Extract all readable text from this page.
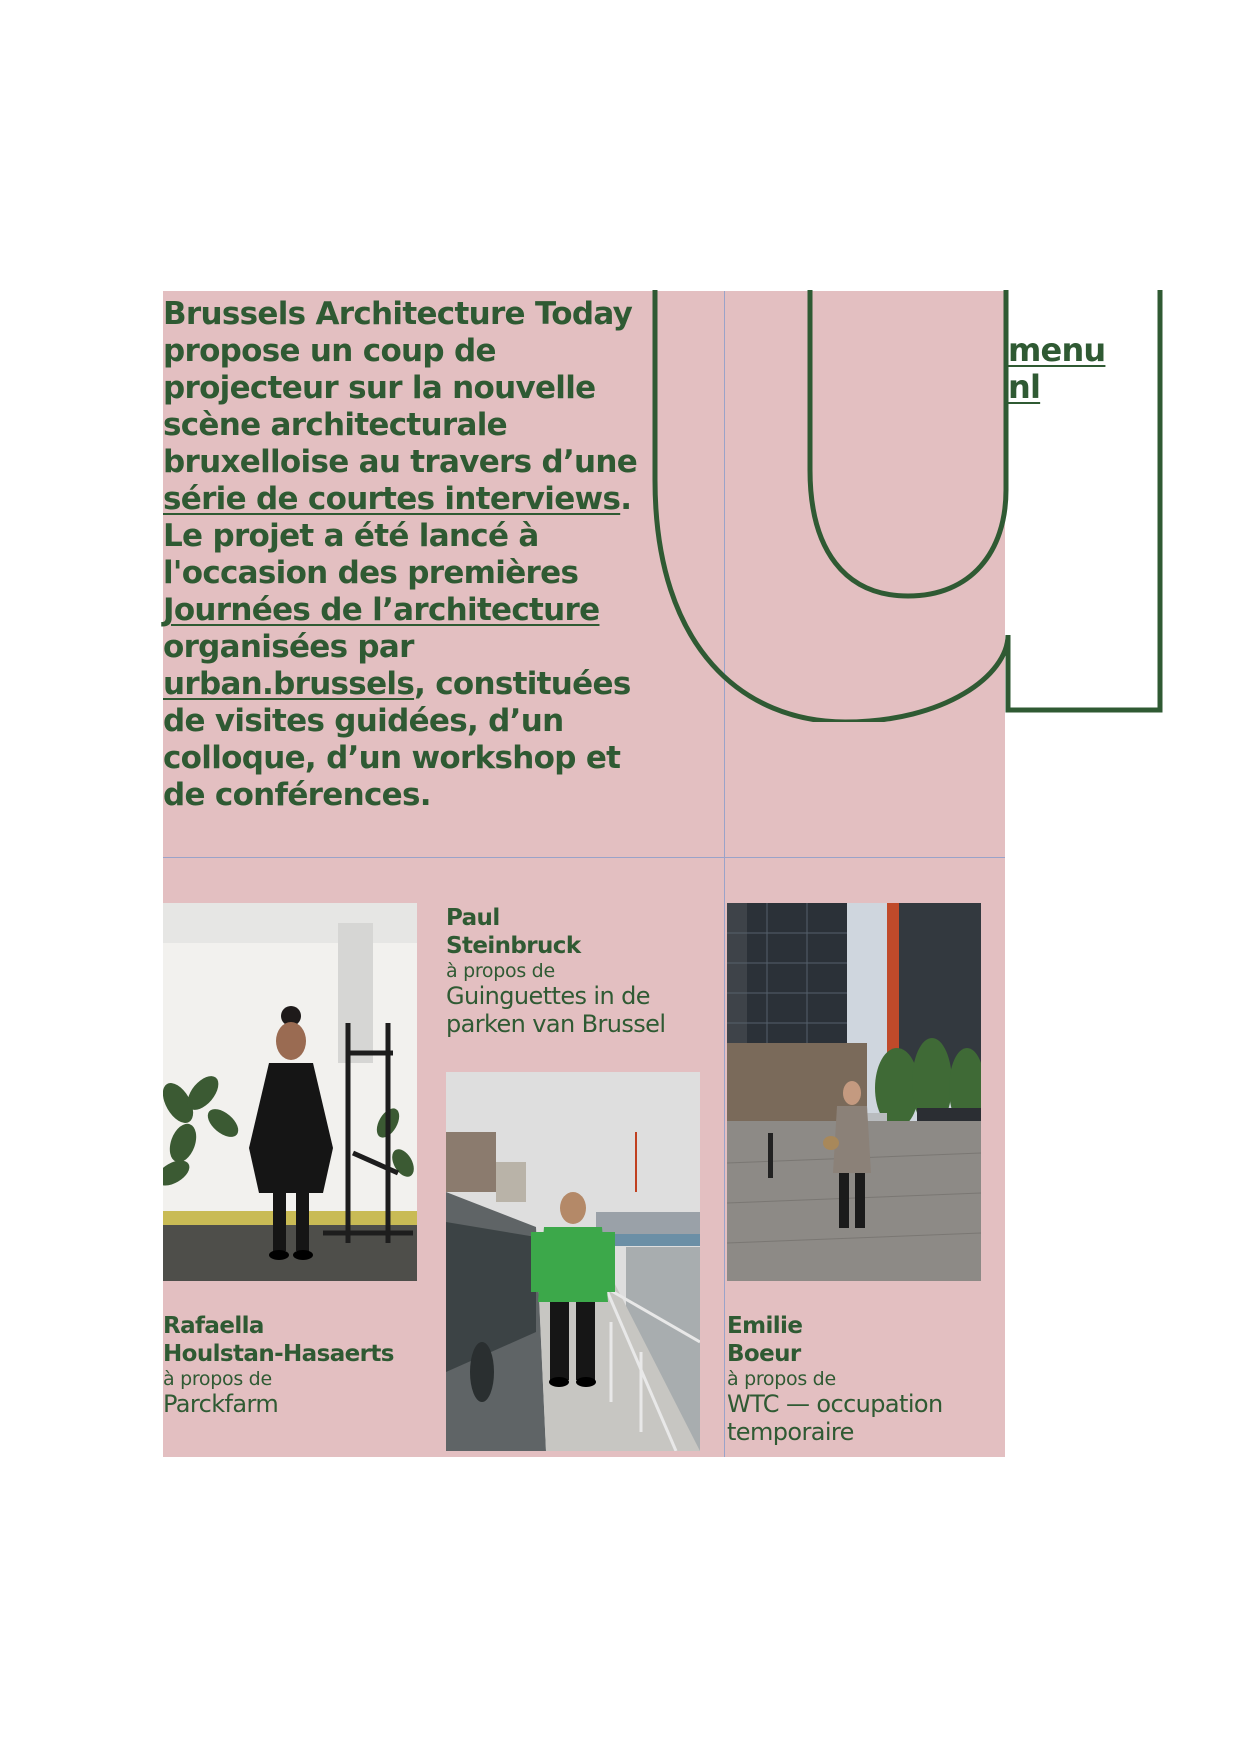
Brussels Architecture Today propose un coup de projecteur sur la nouvelle scène architecturale bruxelloise au travers d’une série de courtes interviews. Le projet a été lancé à l'occasion des premières Journées de l’architecture organisées par urban.brussels, constituées de visites guidées, d’un colloque, d’un workshop et de conférences.

menu
nl
Paul
Steinbruck
à propos de
Guinguettes in de
parken van Brussel
Rafaella
Houlstan-Hasaerts
à propos de
Parckfarm
Emilie
Boeur
à propos de
WTC — occupation
temporaire
